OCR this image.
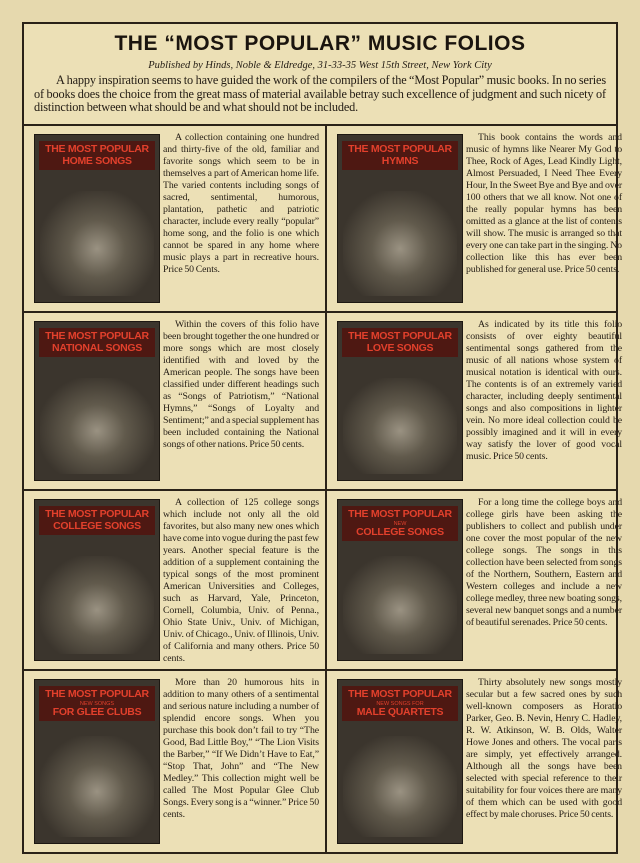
THE “MOST POPULAR” MUSIC FOLIOS
Published by Hinds, Noble & Eldredge, 31-33-35 West 15th Street, New York City
A happy inspiration seems to have guided the work of the compilers of the “Most Popular” music books. In no series of books does the choice from the great mass of material available betray such excellence of judgment and such nicety of distinction between what should be and what should not be included.
THE MOST POPULAR
HOME SONGS
A collection containing one hundred and thirty-five of the old, familiar and favorite songs which seem to be in themselves a part of American home life. The varied contents including songs of sacred, sentimental, humorous, plantation, pathetic and patriotic character, include every really “popular” home song, and the folio is one which cannot be spared in any home where music plays a part in recreative hours. Price 50 Cents.
THE MOST POPULAR
HYMNS
This book contains the words and music of hymns like Nearer My God to Thee, Rock of Ages, Lead Kindly Light, Almost Persuaded, I Need Thee Every Hour, In the Sweet Bye and Bye and over 100 others that we all know. Not one of the really popular hymns has been omitted as a glance at the list of contents will show. The music is arranged so that every one can take part in the singing. No collection like this has ever been published for general use. Price 50 cents.
THE MOST POPULAR
NATIONAL SONGS
Within the covers of this folio have been brought together the one hundred or more songs which are most closely identified with and loved by the American people. The songs have been classified under different headings such as “Songs of Patriotism,” “National Hymns,” “Songs of Loyalty and Sentiment;” and a special supplement has been included containing the National songs of other nations. Price 50 cents.
THE MOST POPULAR
LOVE SONGS
As indicated by its title this folio consists of over eighty beautiful sentimental songs gathered from the music of all nations whose system of musical notation is identical with ours. The contents is of an extremely varied character, including deeply sentimental songs and also compositions in lighter vein. No more ideal collection could be possibly imagined and it will in every way satisfy the lover of good vocal music. Price 50 cents.
THE MOST POPULAR
COLLEGE SONGS
A collection of 125 college songs which include not only all the old favorites, but also many new ones which have come into vogue during the past few years. Another special feature is the addition of a supplement containing the typical songs of the most prominent American Universities and Colleges, such as Harvard, Yale, Princeton, Cornell, Columbia, Univ. of Penna., Ohio State Univ., Univ. of Michigan, Univ. of Chicago., Univ. of Illinois, Univ. of California and many others. Price 50 cents.
THE MOST POPULAR
NEW
COLLEGE SONGS
For a long time the college boys and college girls have been asking the publishers to collect and publish under one cover the most popular of the new college songs. The songs in this collection have been selected from songs of the Northern, Southern, Eastern and Western colleges and include a new college medley, three new boating songs, several new banquet songs and a number of beautiful serenades. Price 50 cents.
THE MOST POPULAR
NEW SONGS
FOR GLEE CLUBS
More than 20 humorous hits in addition to many others of a sentimental and serious nature including a number of splendid encore songs. When you purchase this book don’t fail to try “The Good, Bad Little Boy,” “The Lion Visits the Barber,” “If We Didn’t Have to Eat,” “Stop That, John” and “The New Medley.” This collection might well be called The Most Popular Glee Club Songs. Every song is a “winner.” Price 50 cents.
THE MOST POPULAR
NEW SONGS FOR
MALE QUARTETS
Thirty absolutely new songs mostly secular but a few sacred ones by such well-known composers as Horatio Parker, Geo. B. Nevin, Henry C. Hadley, R. W. Atkinson, W. B. Olds, Walter Howe Jones and others. The vocal parts are simply, yet effectively arranged. Although all the songs have been selected with special reference to their suitability for four voices there are many of them which can be used with good effect by male choruses. Price 50 cents.
